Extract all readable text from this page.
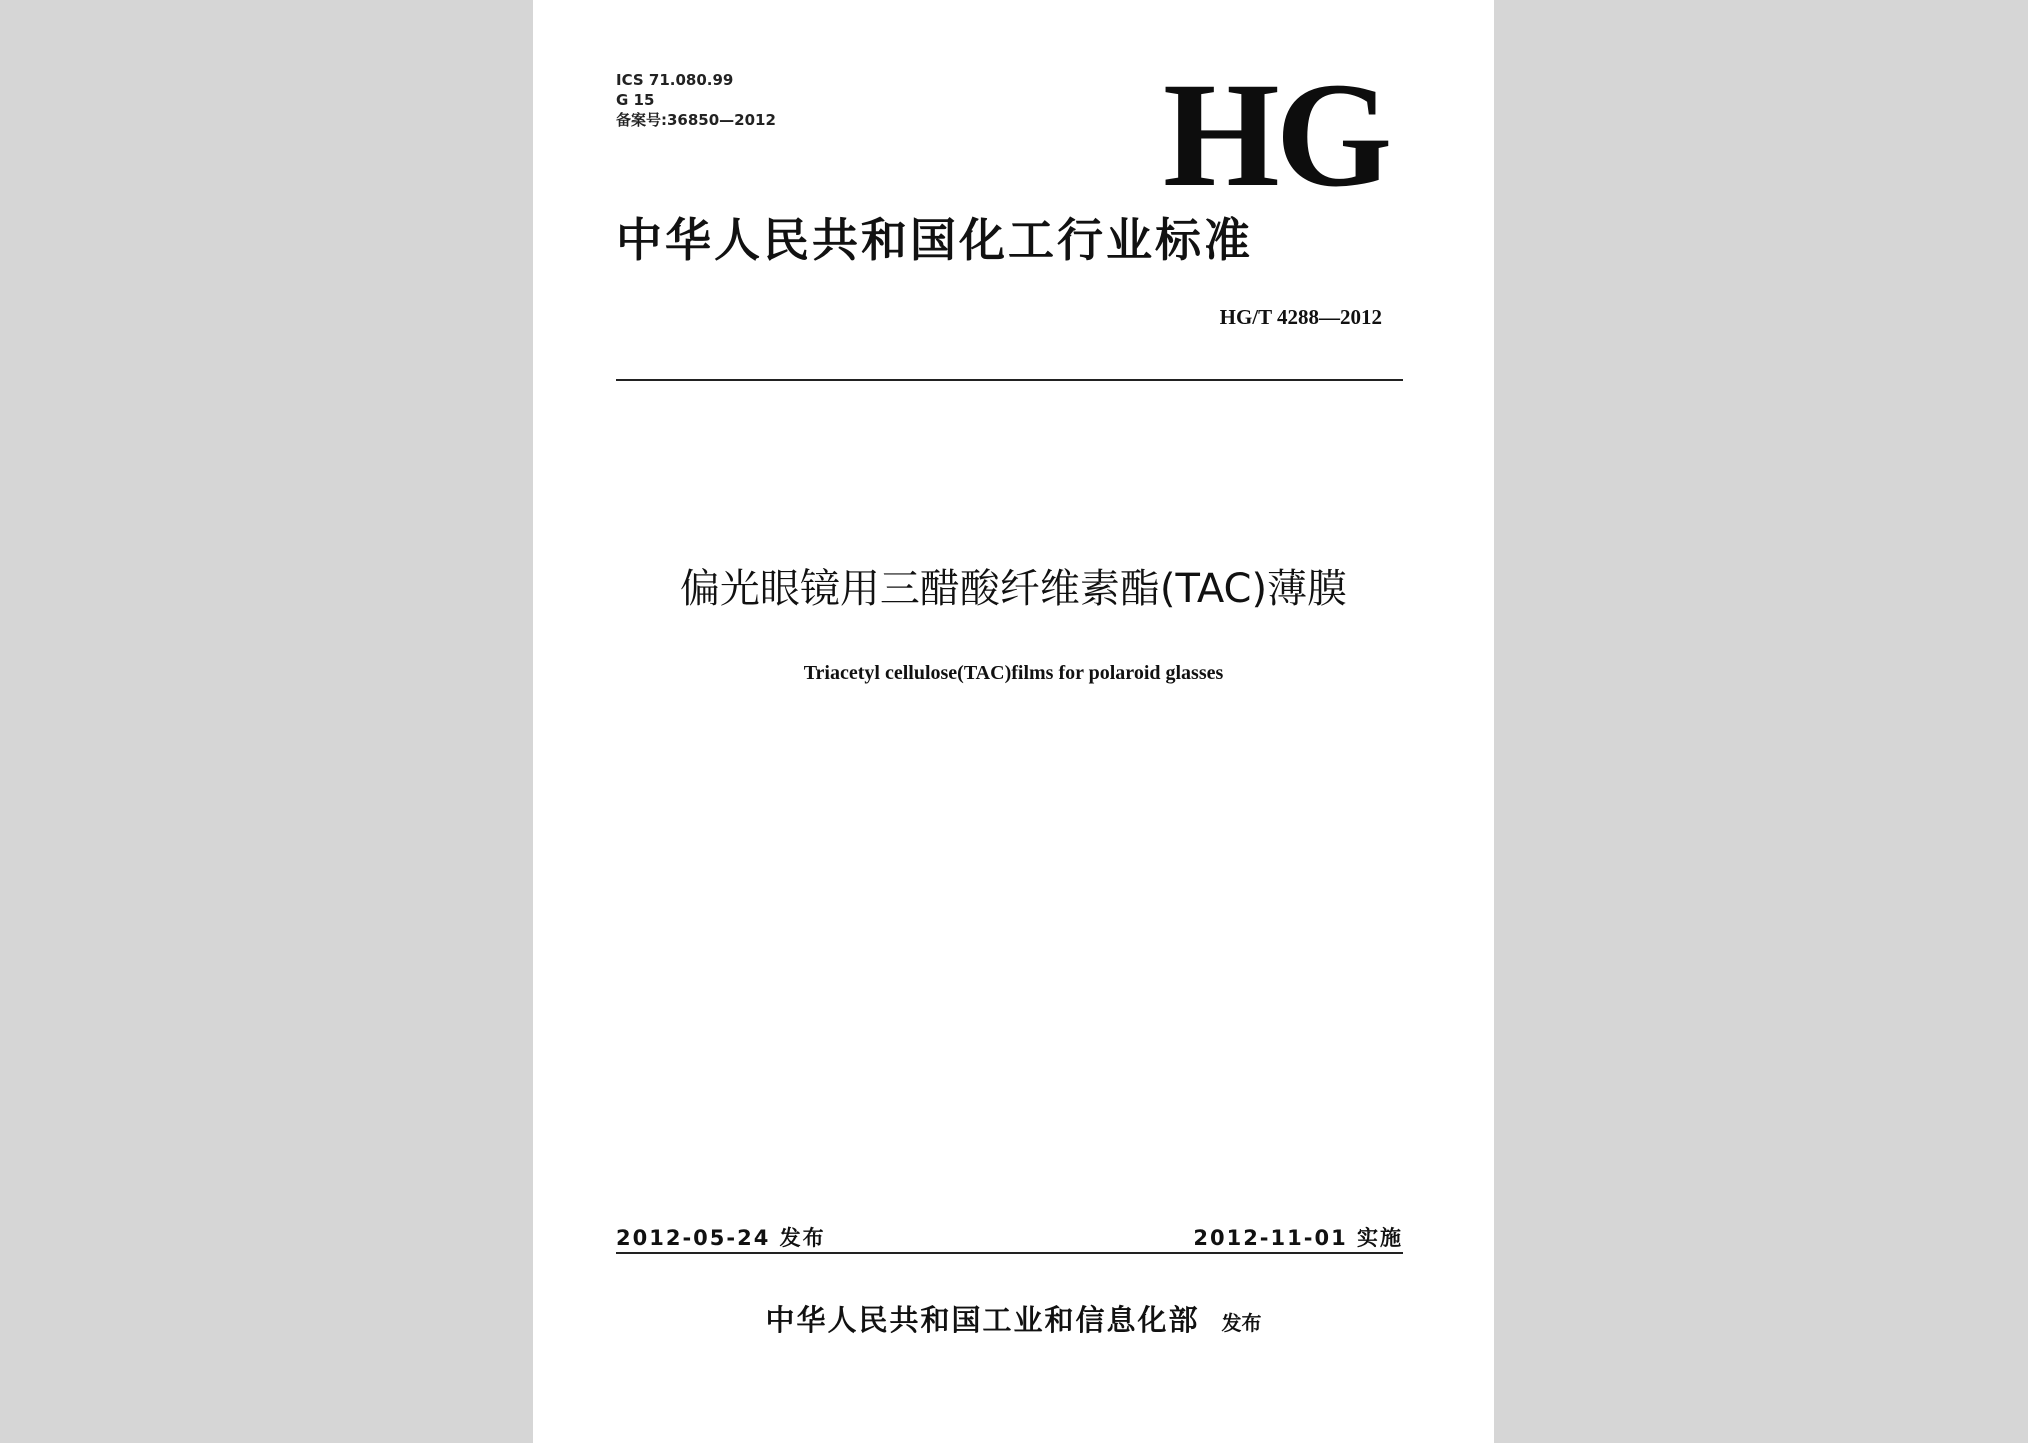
ICS 71.080.99
G 15
备案号:36850—2012	HG
中华人民共和国化工行业标准
HG/T 4288—2012
偏光眼镜用三醋酸纤维素酯(TAC)薄膜
Triacetyl cellulose(TAC)films for polaroid glasses
2012-05-24 发布	2012-11-01 实施
中华人民共和国工业和信息化部 发布
